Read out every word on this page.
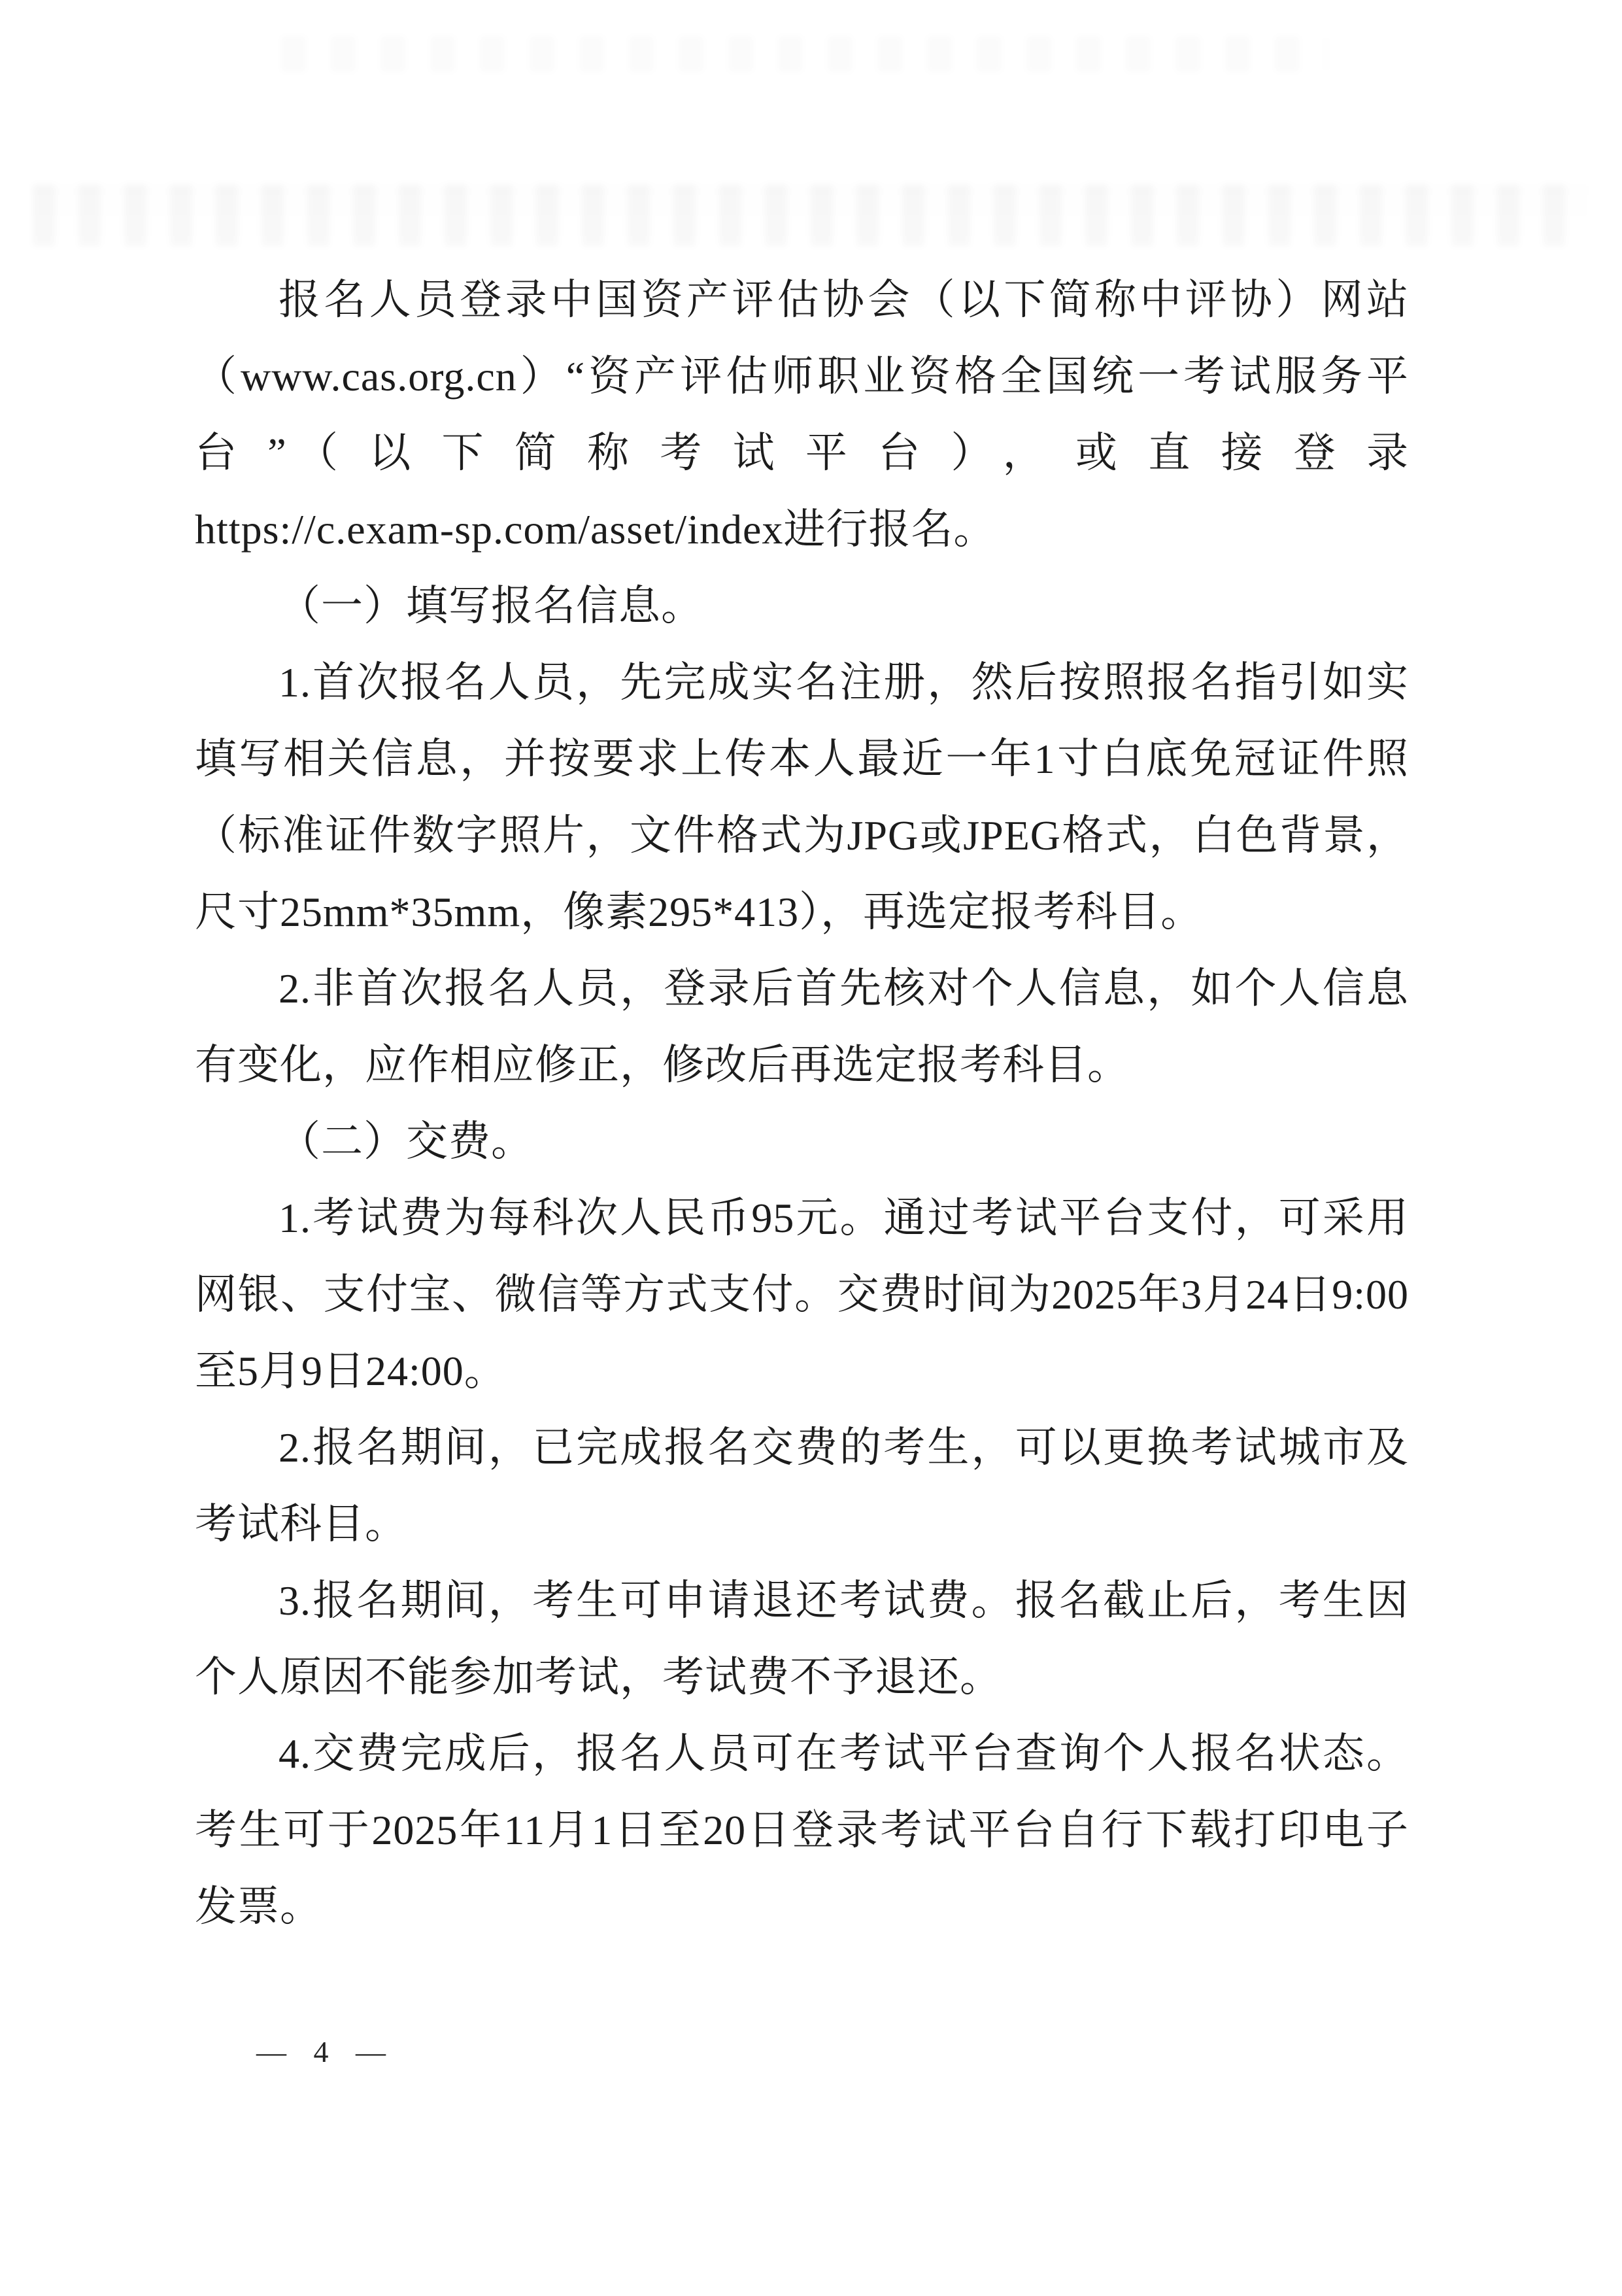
报名人员登录中国资产评估协会（以下简称中评协）网站
（www.cas.org.cn）“资产评估师职业资格全国统一考试服务平
台”（以下简称考试平台），或直接登录
https://c.exam-sp.com/asset/index进行报名。
（一）填写报名信息。
1.首次报名人员，先完成实名注册，然后按照报名指引如实
填写相关信息，并按要求上传本人最近一年1寸白底免冠证件照
（标准证件数字照片，文件格式为JPG或JPEG格式，白色背景，
尺寸25mm*35mm，像素295*413），再选定报考科目。
2.非首次报名人员，登录后首先核对个人信息，如个人信息
有变化，应作相应修正，修改后再选定报考科目。
（二）交费。
1.考试费为每科次人民币95元。通过考试平台支付，可采用
网银、支付宝、微信等方式支付。交费时间为2025年3月24日9:00
至5月9日24:00。
2.报名期间，已完成报名交费的考生，可以更换考试城市及
考试科目。
3.报名期间，考生可申请退还考试费。报名截止后，考生因
个人原因不能参加考试，考试费不予退还。
4.交费完成后，报名人员可在考试平台查询个人报名状态。
考生可于2025年11月1日至20日登录考试平台自行下载打印电子
发票。
— 4 —
